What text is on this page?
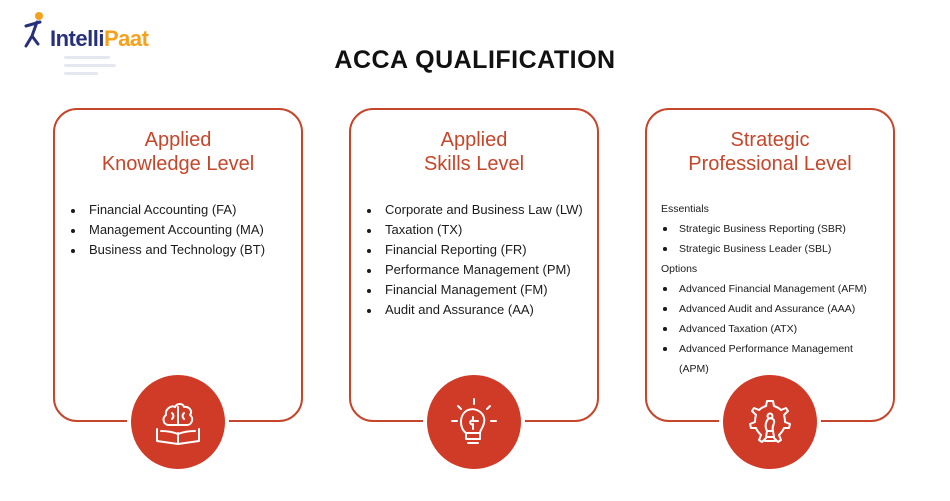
IntelliPaat
ACCA QUALIFICATION
Applied
Knowledge Level
Financial Accounting (FA)
Management Accounting (MA)
Business and Technology (BT)
Applied
Skills Level
Corporate and Business Law (LW)
Taxation (TX)
Financial Reporting (FR)
Performance Management (PM)
Financial Management (FM)
Audit and Assurance (AA)
Strategic
Professional Level
Essentials
Strategic Business Reporting (SBR)
Strategic Business Leader (SBL)
Options
Advanced Financial Management (AFM)
Advanced Audit and Assurance (AAA)
Advanced Taxation (ATX)
Advanced Performance Management
(APM)
